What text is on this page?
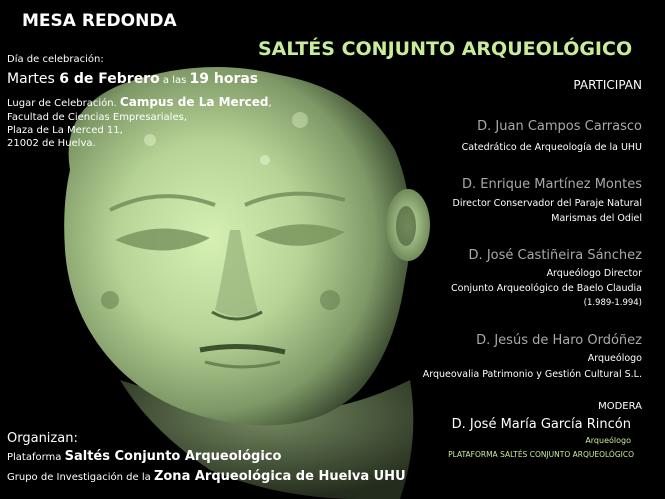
MESA REDONDA
Día de celebración:
Martes 6 de Febrero a las 19 horas
Lugar de Celebración. Campus de La Merced,
Facultad de Ciencias Empresariales,
Plaza de La Merced 11,
21002 de Huelva.
SALTÉS CONJUNTO ARQUEOLÓGICO
PARTICIPAN
D. Juan Campos Carrasco
Catedrático de Arqueología de la UHU
D. Enrique Martínez Montes
Director Conservador del Paraje Natural
Marismas del Odiel
D. José Castiñeira Sánchez
Arqueólogo Director
Conjunto Arqueológico de Baelo Claudia
(1.989-1.994)
D. Jesús de Haro Ordóñez
Arqueólogo
Arqueovalia Patrimonio y Gestión Cultural S.L.
MODERA
D. José María García Rincón
Arqueólogo
PLATAFORMA SALTÉS CONJUNTO ARQUEOLÓGICO
Organizan:
Plataforma Saltés Conjunto Arqueológico
Grupo de Investigación de la Zona Arqueológica de Huelva UHU
